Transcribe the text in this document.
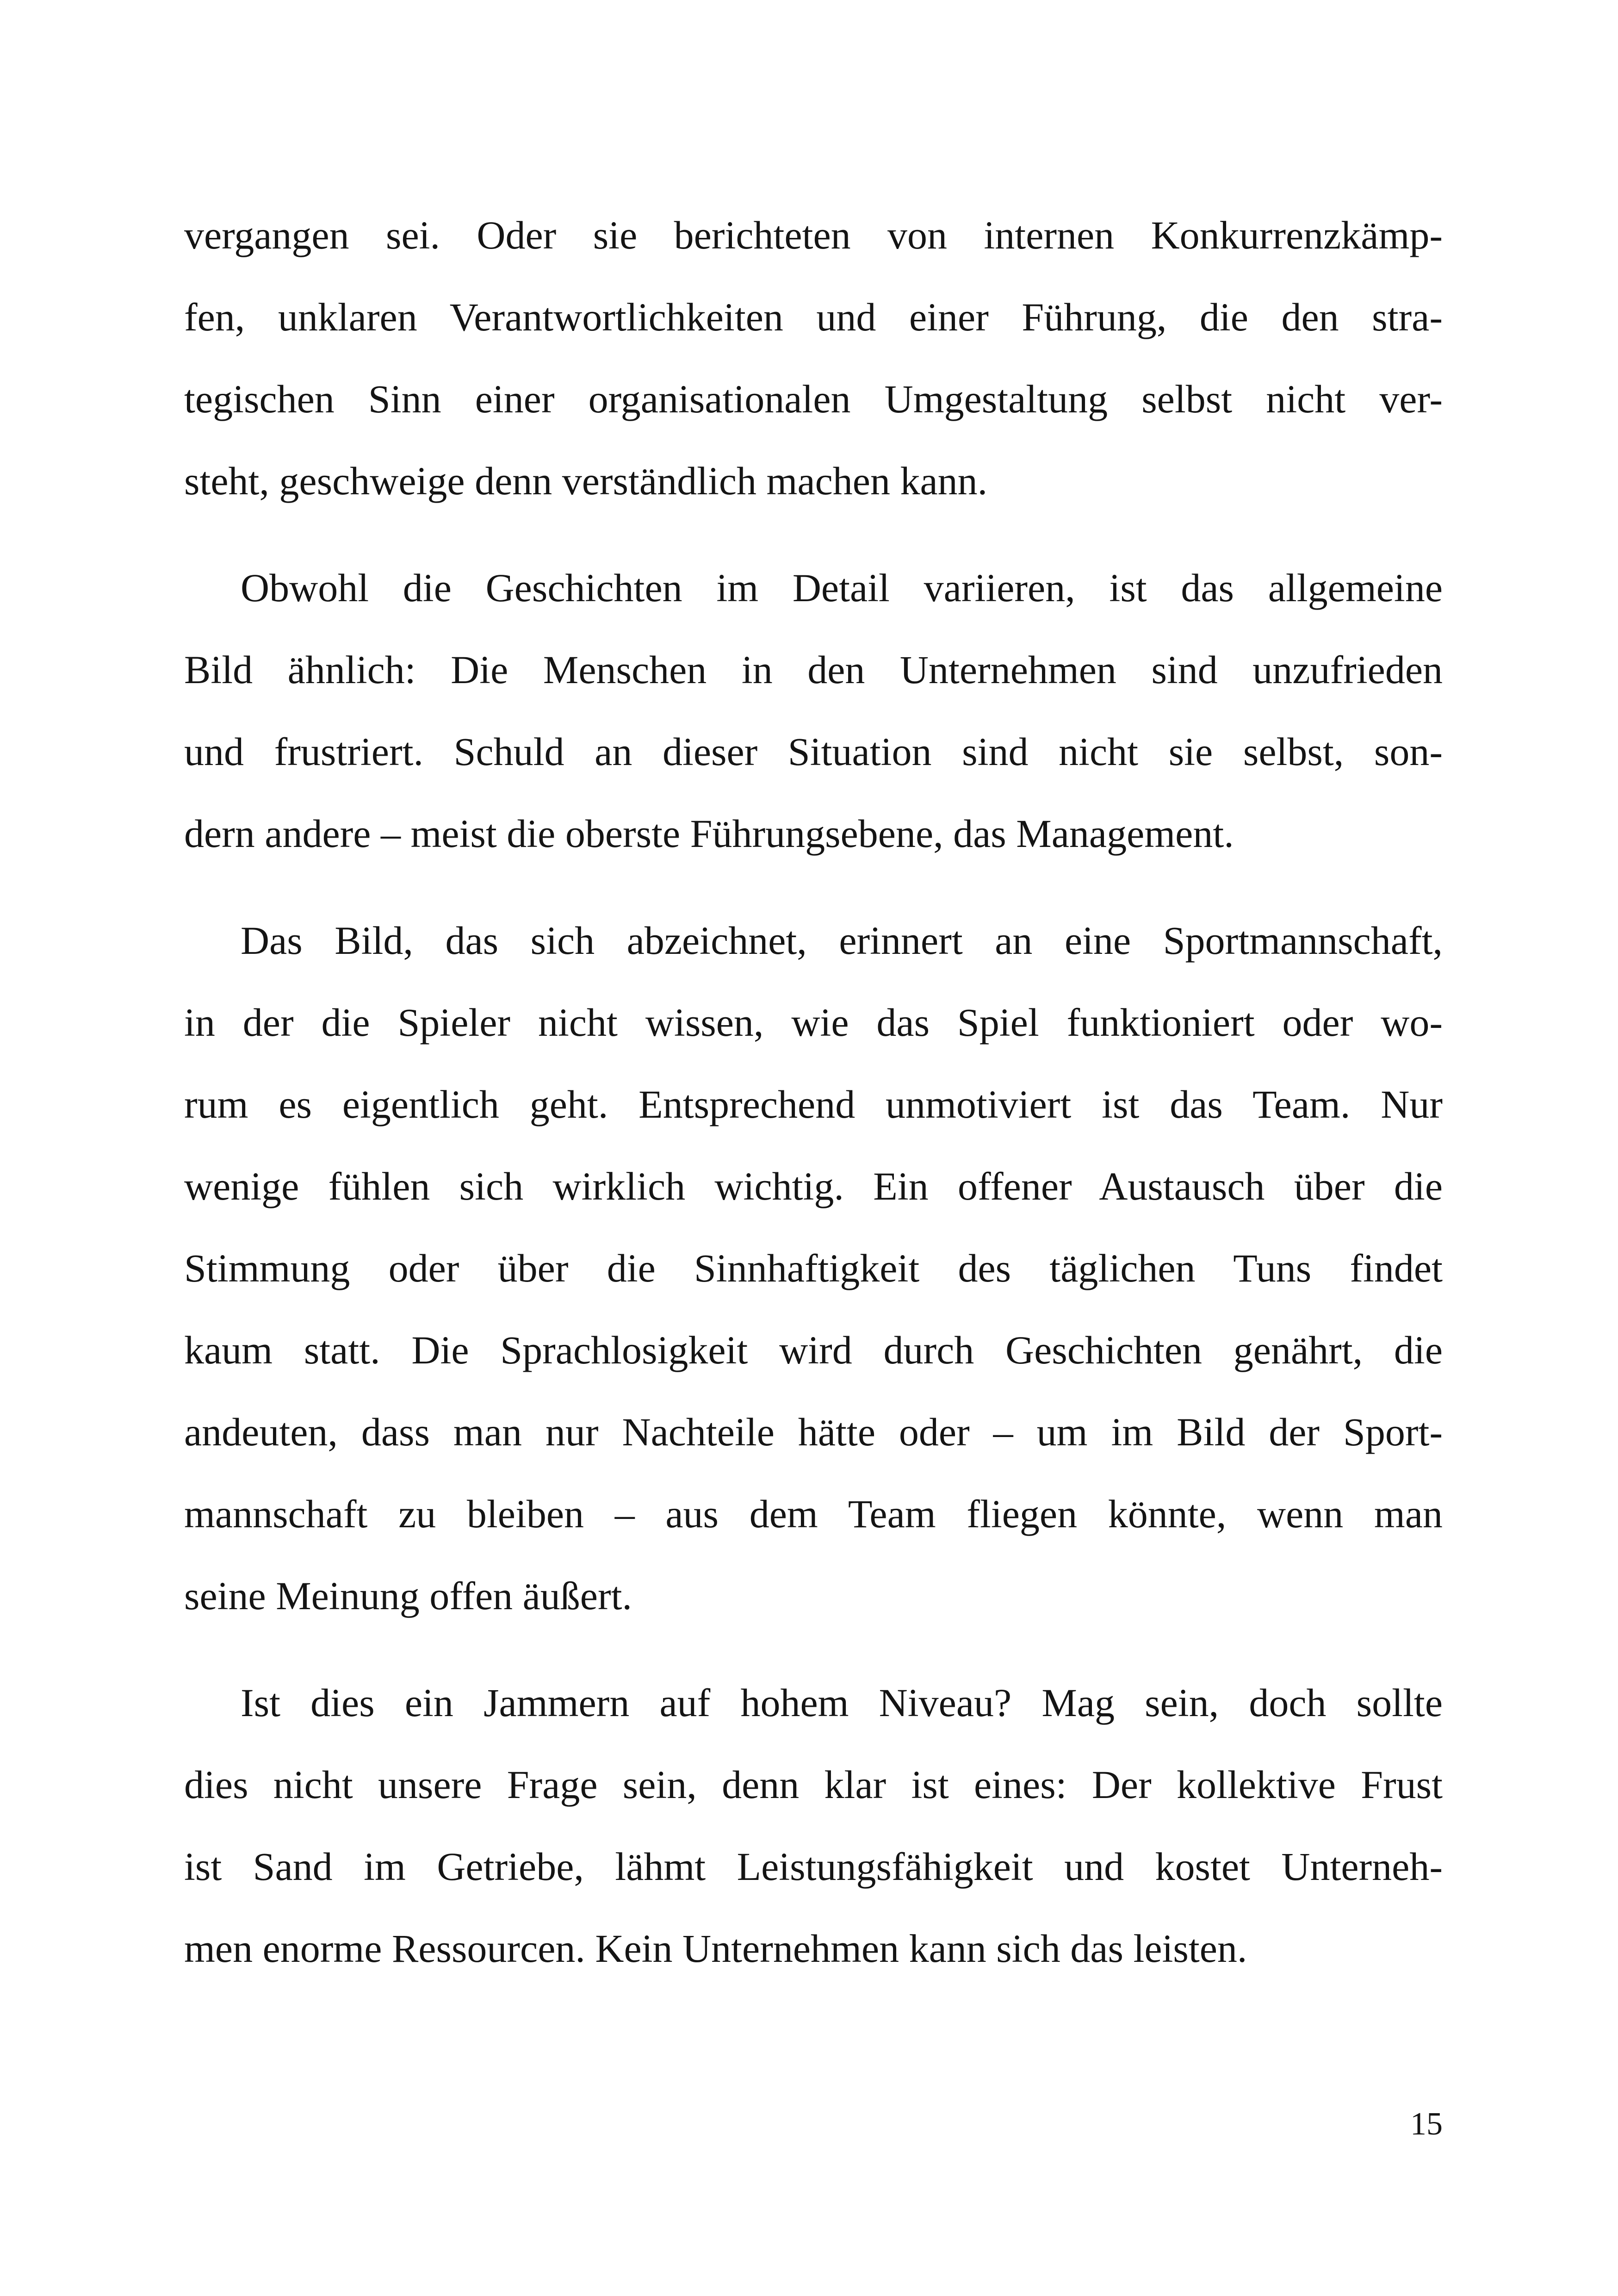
vergangen sei. Oder sie berichteten von internen Konkurrenzkämp-
fen, unklaren Verantwortlichkeiten und einer Führung, die den stra-
tegischen Sinn einer organisationalen Umgestaltung selbst nicht ver-
steht, geschweige denn verständlich machen kann.

Obwohl die Geschichten im Detail variieren, ist das allgemeine
Bild ähnlich: Die Menschen in den Unternehmen sind unzufrieden
und frustriert. Schuld an dieser Situation sind nicht sie selbst, son-
dern andere – meist die oberste Führungsebene, das Management.

Das Bild, das sich abzeichnet, erinnert an eine Sportmannschaft,
in der die Spieler nicht wissen, wie das Spiel funktioniert oder wo-
rum es eigentlich geht. Entsprechend unmotiviert ist das Team. Nur
wenige fühlen sich wirklich wichtig. Ein offener Austausch über die
Stimmung oder über die Sinnhaftigkeit des täglichen Tuns findet
kaum statt. Die Sprachlosigkeit wird durch Geschichten genährt, die
andeuten, dass man nur Nachteile hätte oder – um im Bild der Sport-
mannschaft zu bleiben – aus dem Team fliegen könnte, wenn man
seine Meinung offen äußert.

Ist dies ein Jammern auf hohem Niveau? Mag sein, doch sollte
dies nicht unsere Frage sein, denn klar ist eines: Der kollektive Frust
ist Sand im Getriebe, lähmt Leistungsfähigkeit und kostet Unterneh-
men enorme Ressourcen. Kein Unternehmen kann sich das leisten.

15
